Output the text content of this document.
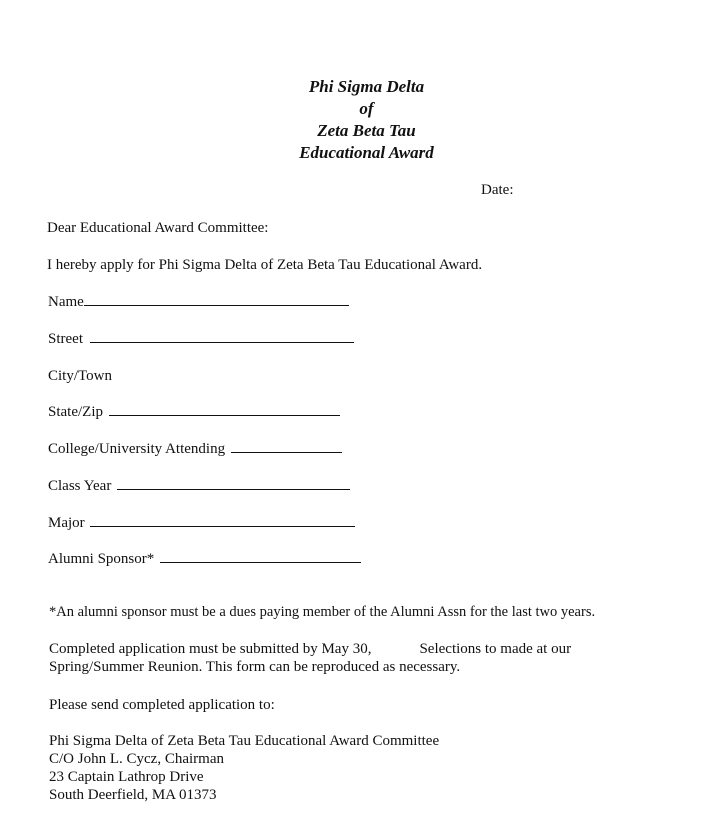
Phi Sigma Delta
of
Zeta Beta Tau
Educational Award
Date:
Dear Educational Award Committee:
I hereby apply for Phi Sigma Delta of Zeta Beta Tau Educational Award.
Name
Street
City/Town
State/Zip
College/University Attending
Class Year
Major
Alumni Sponsor*
*An alumni sponsor must be a dues paying member of the Alumni Assn for the last two years.
Completed application must be submitted by May 30,	Selections to made at our
Spring/Summer Reunion. This form can be reproduced as necessary.
Please send completed application to:
Phi Sigma Delta of Zeta Beta Tau Educational Award Committee
C/O John L. Cycz, Chairman
23 Captain Lathrop Drive
South Deerfield, MA 01373
